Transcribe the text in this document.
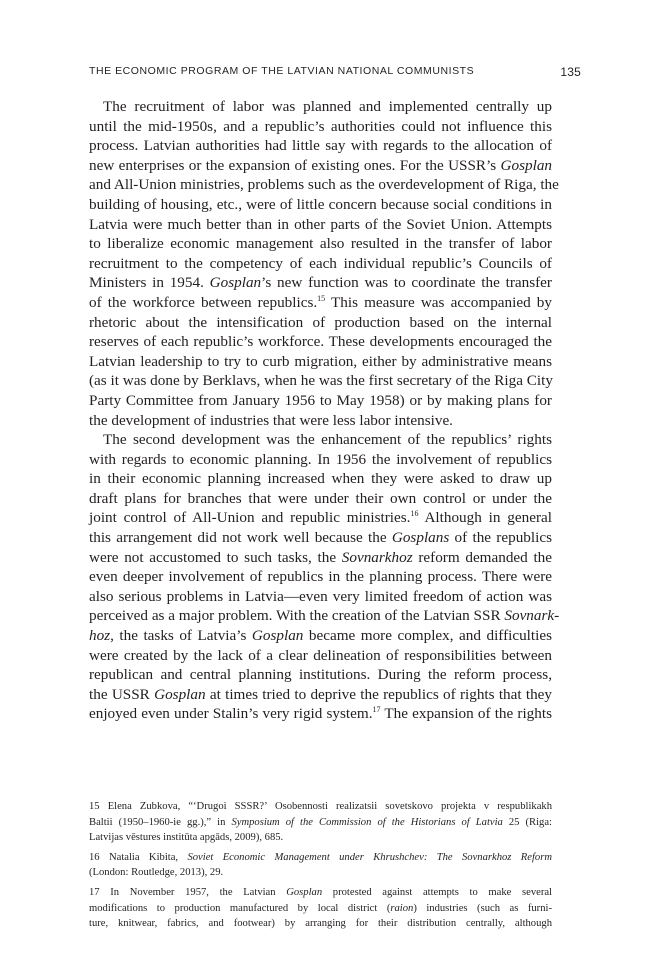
THE ECONOMIC PROGRAM OF THE LATVIAN NATIONAL COMMUNISTS	135
The recruitment of labor was planned and implemented centrally up
until the mid-1950s, and a republic’s authorities could not influence this
process. Latvian authorities had little say with regards to the allocation of
new enterprises or the expansion of existing ones. For the USSR’s Gosplan
and All-Union ministries, problems such as the overdevelopment of Riga, the
building of housing, etc., were of little concern because social conditions in
Latvia were much better than in other parts of the Soviet Union. Attempts
to liberalize economic management also resulted in the transfer of labor
recruitment to the competency of each individual republic’s Councils of
Ministers in 1954. Gosplan’s new function was to coordinate the transfer
of the workforce between republics.$^{15}$ This measure was accompanied by
rhetoric about the intensification of production based on the internal
reserves of each republic’s workforce. These developments encouraged the
Latvian leadership to try to curb migration, either by administrative means
(as it was done by Berklavs, when he was the first secretary of the Riga City
Party Committee from January 1956 to May 1958) or by making plans for
the development of industries that were less labor intensive.
The second development was the enhancement of the republics’ rights
with regards to economic planning. In 1956 the involvement of republics
in their economic planning increased when they were asked to draw up
draft plans for branches that were under their own control or under the
joint control of All-Union and republic ministries.$^{16}$ Although in general
this arrangement did not work well because the Gosplans of the republics
were not accustomed to such tasks, the Sovnarkhoz reform demanded the
even deeper involvement of republics in the planning process. There were
also serious problems in Latvia—even very limited freedom of action was
perceived as a major problem. With the creation of the Latvian SSR Sovnark-
hoz, the tasks of Latvia’s Gosplan became more complex, and difficulties
were created by the lack of a clear delineation of responsibilities between
republican and central planning institutions. During the reform process,
the USSR Gosplan at times tried to deprive the republics of rights that they
enjoyed even under Stalin’s very rigid system.$^{17}$ The expansion of the rights
15 Elena Zubkova, “‘Drugoi SSSR?’ Osobennosti realizatsii sovetskovo projekta v respublikakh
Baltii (1950–1960-ie gg.),” in Symposium of the Commission of the Historians of Latvia 25 (Riga:
Latvijas vēstures institūta apgāds, 2009), 685.
16 Natalia Kibita, Soviet Economic Management under Khrushchev: The Sovnarkhoz Reform
(London: Routledge, 2013), 29.
17 In November 1957, the Latvian Gosplan protested against attempts to make several
modifications to production manufactured by local district (raion) industries (such as furni-
ture, knitwear, fabrics, and footwear) by arranging for their distribution centrally, although
